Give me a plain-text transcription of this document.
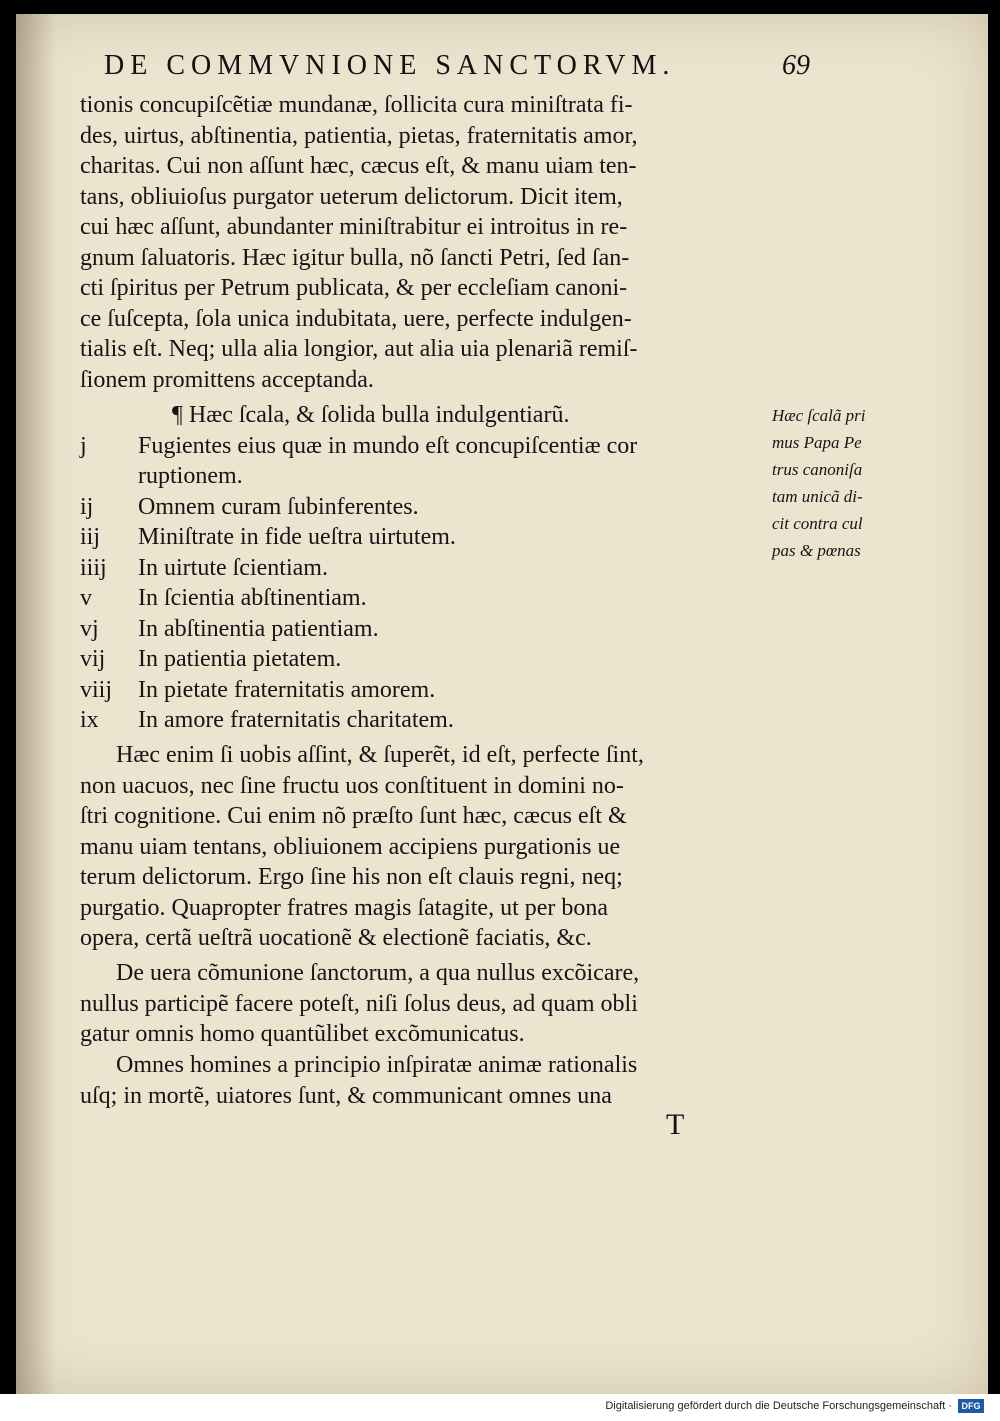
DE COMMVNIONE SANCTORVM.	69
tionis concupiſcẽtiæ mundanæ, ſollicita cura miniſtrata fi-
des, uirtus, abſtinentia, patientia, pietas, fraternitatis amor,
charitas. Cui non aſſunt hæc, cæcus eſt, & manu uiam ten-
tans, obliuioſus purgator ueterum delictorum. Dicit item,
cui hæc aſſunt, abundanter miniſtrabitur ei introitus in re-
gnum ſaluatoris. Hæc igitur bulla, nõ ſancti Petri, ſed ſan-
cti ſpiritus per Petrum publicata, & per eccleſiam canoni-
ce ſuſcepta, ſola unica indubitata, uere, perfecte indulgen-
tialis eſt. Neq; ulla alia longior, aut alia uia plenariã remiſ-
ſionem promittens acceptanda.
¶ Hæc ſcala, & ſolida bulla indulgentiarũ.
j	Fugientes eius quæ in mundo eſt concupiſcentiæ cor
ruptionem.
ij	Omnem curam ſubinferentes.
iij	Miniſtrate in fide ueſtra uirtutem.
iiij	In uirtute ſcientiam.
v	In ſcientia abſtinentiam.
vj	In abſtinentia patientiam.
vij	In patientia pietatem.
viij	In pietate fraternitatis amorem.
ix	In amore fraternitatis charitatem.
Hæc enim ſi uobis aſſint, & ſuperẽt, id eſt, perfecte ſint,
non uacuos, nec ſine fructu uos conſtituent in domini no-
ſtri cognitione. Cui enim nõ præſto ſunt hæc, cæcus eſt &
manu uiam tentans, obliuionem accipiens purgationis ue
terum delictorum. Ergo ſine his non eſt clauis regni, neq;
purgatio. Quapropter fratres magis ſatagite, ut per bona
opera, certã ueſtrã uocationẽ & electionẽ faciatis, &c.
De uera cõmunione ſanctorum, a qua nullus excõicare,
nullus participẽ facere poteſt, niſi ſolus deus, ad quam obli
gatur omnis homo quantũlibet excõmunicatus.
Omnes homines a principio inſpiratæ animæ rationalis
uſq; in mortẽ, uiatores ſunt, & communicant omnes una
Hæc ſcalã pri
mus Papa Pe
trus canoniſa
tam unicã di-
cit contra cul
pas & pœnas
T
Digitalisierung gefördert durch die Deutsche Forschungsgemeinschaft ·	DFG
